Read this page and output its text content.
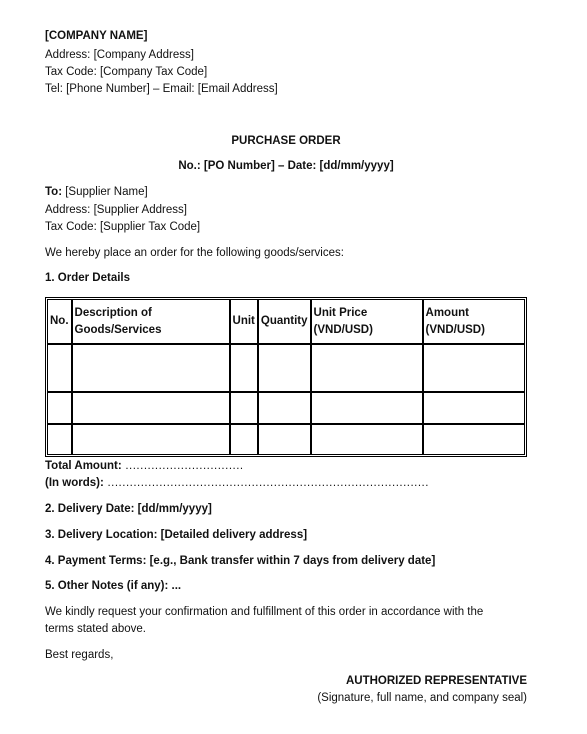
[COMPANY NAME]
Address: [Company Address]
Tax Code: [Company Tax Code]
Tel: [Phone Number] – Email: [Email Address]
PURCHASE ORDER
No.: [PO Number] – Date: [dd/mm/yyyy]
To: [Supplier Name]
Address: [Supplier Address]
Tax Code: [Supplier Tax Code]
We hereby place an order for the following goods/services:
1. Order Details
No.	Description of Goods/Services	Unit	Quantity	Unit Price (VND/USD)	Amount (VND/USD)

Total Amount: ................................
(In words): .......................................................................................
2. Delivery Date: [dd/mm/yyyy]
3. Delivery Location: [Detailed delivery address]
4. Payment Terms: [e.g., Bank transfer within 7 days from delivery date]
5. Other Notes (if any): ...
We kindly request your confirmation and fulfillment of this order in accordance with the
terms stated above.
Best regards,
AUTHORIZED REPRESENTATIVE
(Signature, full name, and company seal)
